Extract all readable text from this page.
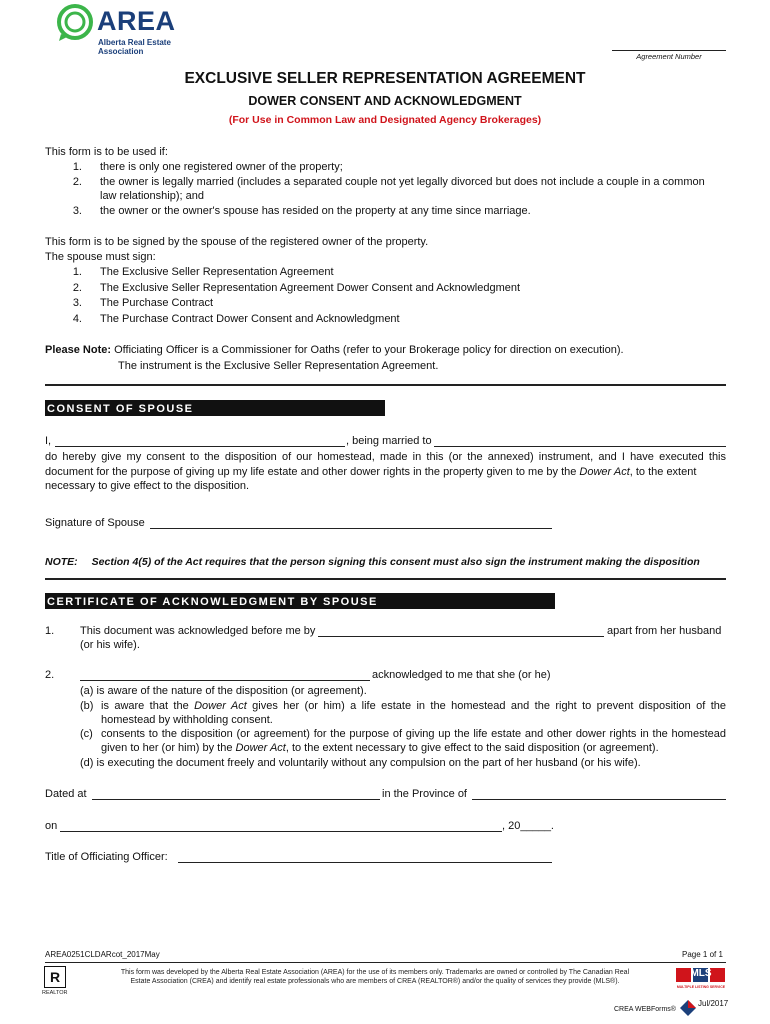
AREA
Alberta Real Estate
Association
Agreement Number
EXCLUSIVE SELLER REPRESENTATION AGREEMENT
DOWER CONSENT AND ACKNOWLEDGMENT
(For Use in Common Law and Designated Agency Brokerages)
This form is to be used if:
1. there is only one registered owner of the property;
2. the owner is legally married (includes a separated couple not yet legally divorced but does not include a couple in a common
law relationship); and
3. the owner or the owner's spouse has resided on the property at any time since marriage.
This form is to be signed by the spouse of the registered owner of the property.
The spouse must sign:
1. The Exclusive Seller Representation Agreement
2. The Exclusive Seller Representation Agreement Dower Consent and Acknowledgment
3. The Purchase Contract
4. The Purchase Contract Dower Consent and Acknowledgment
Please Note: Officiating Officer is a Commissioner for Oaths (refer to your Brokerage policy for direction on execution).
The instrument is the Exclusive Seller Representation Agreement.
CONSENT OF SPOUSE
I,	, being married to
do hereby give my consent to the disposition of our homestead, made in this (or the annexed) instrument, and I have executed this
document for the purpose of giving up my life estate and other dower rights in the property given to me by the Dower Act, to the extent
necessary to give effect to the disposition.
Signature of Spouse
NOTE: Section 4(5) of the Act requires that the person signing this consent must also sign the instrument making the disposition
CERTIFICATE OF ACKNOWLEDGMENT BY SPOUSE
1. This document was acknowledged before me by	apart from her husband
(or his wife).
2.	acknowledged to me that she (or he)
(a) is aware of the nature of the disposition (or agreement).
(b) is aware that the Dower Act gives her (or him) a life estate in the homestead and the right to prevent disposition of the
homestead by withholding consent.
(c) consents to the disposition (or agreement) for the purpose of giving up the life estate and other dower rights in the homestead
given to her (or him) by the Dower Act, to the extent necessary to give effect to the said disposition (or agreement).
(d) is executing the document freely and voluntarily without any compulsion on the part of her husband (or his wife).
Dated at	in the Province of
on	, 20_____.
Title of Officiating Officer:
AREA0251CLDARcot_2017May	Page 1 of 1
R
REALTOR
This form was developed by the Alberta Real Estate Association (AREA) for the use of its members only. Trademarks are owned or controlled by The Canadian Real
Estate Association (CREA) and identify real estate professionals who are members of CREA (REALTOR®) and/or the quality of services they provide (MLS®).
MLS
MULTIPLE LISTING SERVICE
CREA WEBForms®
Jul/2017
